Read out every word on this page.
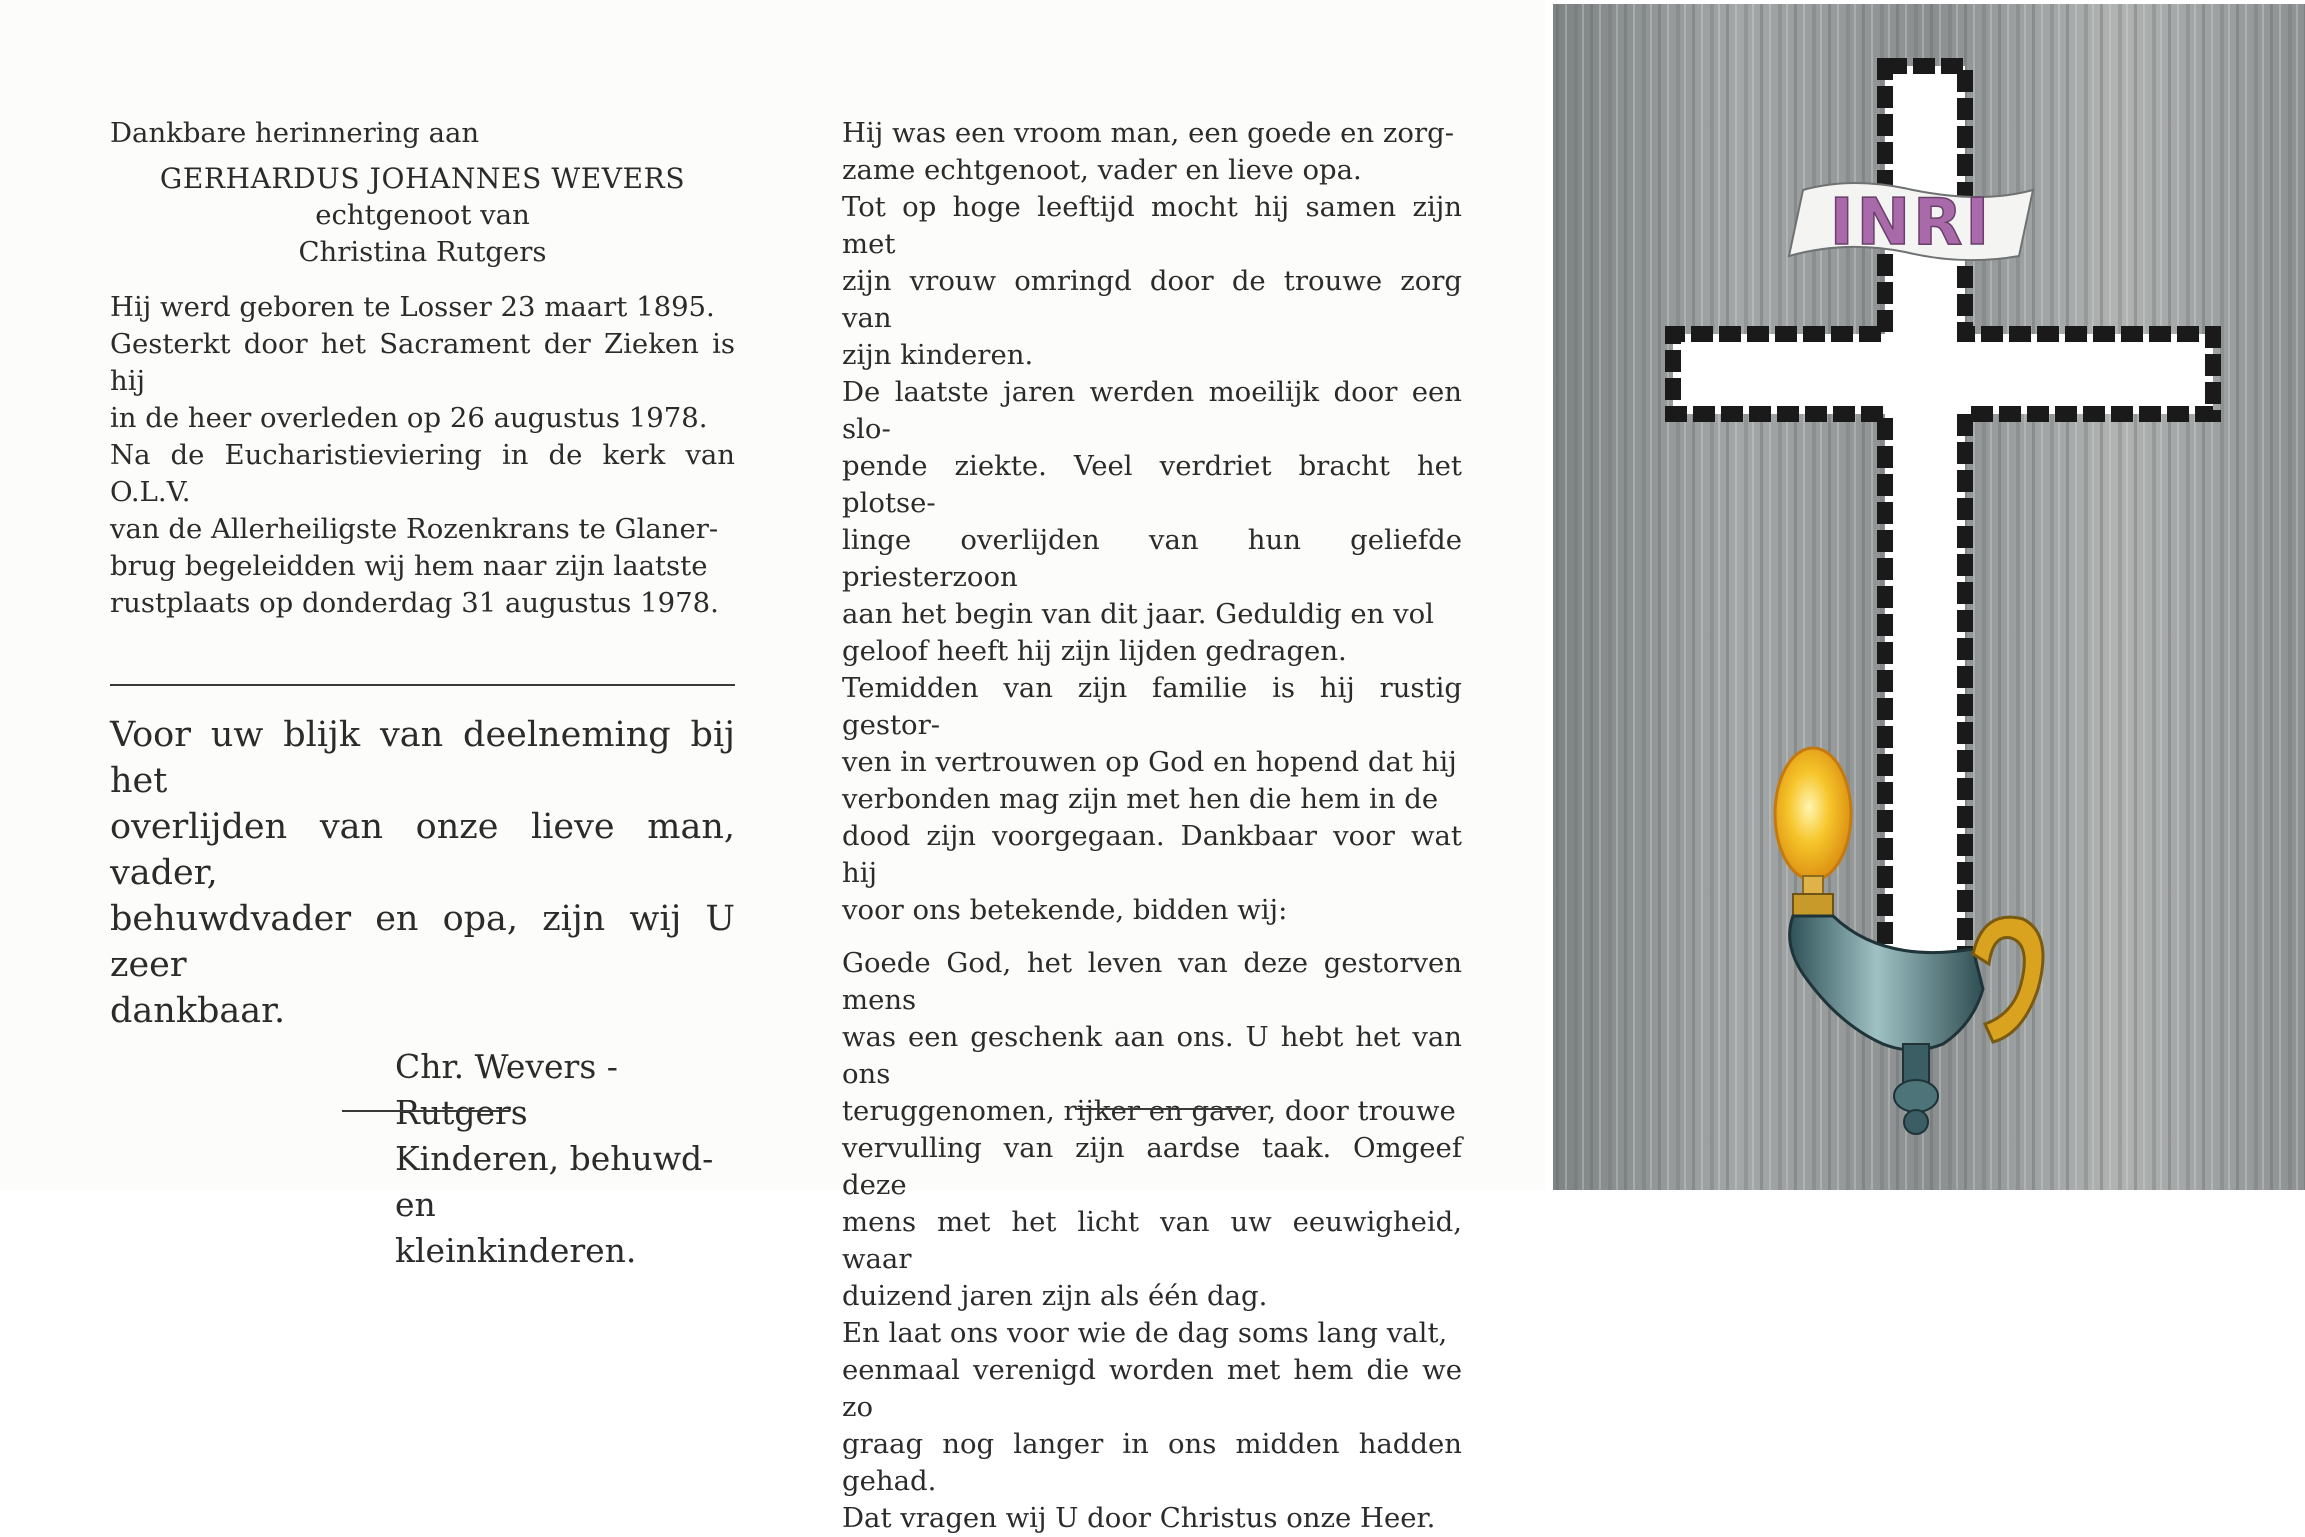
Dankbare herinnering aan

GERHARDUS JOHANNES WEVERS

echtgenoot van

Christina Rutgers

Hij werd geboren te Losser 23 maart 1895.

Gesterkt door het Sacrament der Zieken is hij

in de heer overleden op 26 augustus 1978.

Na de Eucharistieviering in de kerk van O.L.V.

van de Allerheiligste Rozenkrans te Glaner-

brug begeleidden wij hem naar zijn laatste

rustplaats op donderdag 31 augustus 1978.

Voor uw blijk van deelneming bij het

overlijden van onze lieve man, vader,

behuwdvader en opa, zijn wij U zeer

dankbaar.

Chr. Wevers - Rutgers

Kinderen, behuwd- en

kleinkinderen.

Hij was een vroom man, een goede en zorg-

zame echtgenoot, vader en lieve opa.

Tot op hoge leeftijd mocht hij samen zijn met

zijn vrouw omringd door de trouwe zorg van

zijn kinderen.

De laatste jaren werden moeilijk door een slo-

pende ziekte. Veel verdriet bracht het plotse-

linge overlijden van hun geliefde priesterzoon

aan het begin van dit jaar. Geduldig en vol

geloof heeft hij zijn lijden gedragen.

Temidden van zijn familie is hij rustig gestor-

ven in vertrouwen op God en hopend dat hij

verbonden mag zijn met hen die hem in de

dood zijn voorgegaan. Dankbaar voor wat hij

voor ons betekende, bidden wij:

Goede God, het leven van deze gestorven mens

was een geschenk aan ons. U hebt het van ons

teruggenomen, rijker en gaver, door trouwe

vervulling van zijn aardse taak. Omgeef deze

mens met het licht van uw eeuwigheid, waar

duizend jaren zijn als één dag.

En laat ons voor wie de dag soms lang valt,

eenmaal verenigd worden met hem die we zo

graag nog langer in ons midden hadden gehad.

Dat vragen wij U door Christus onze Heer.

INRI
